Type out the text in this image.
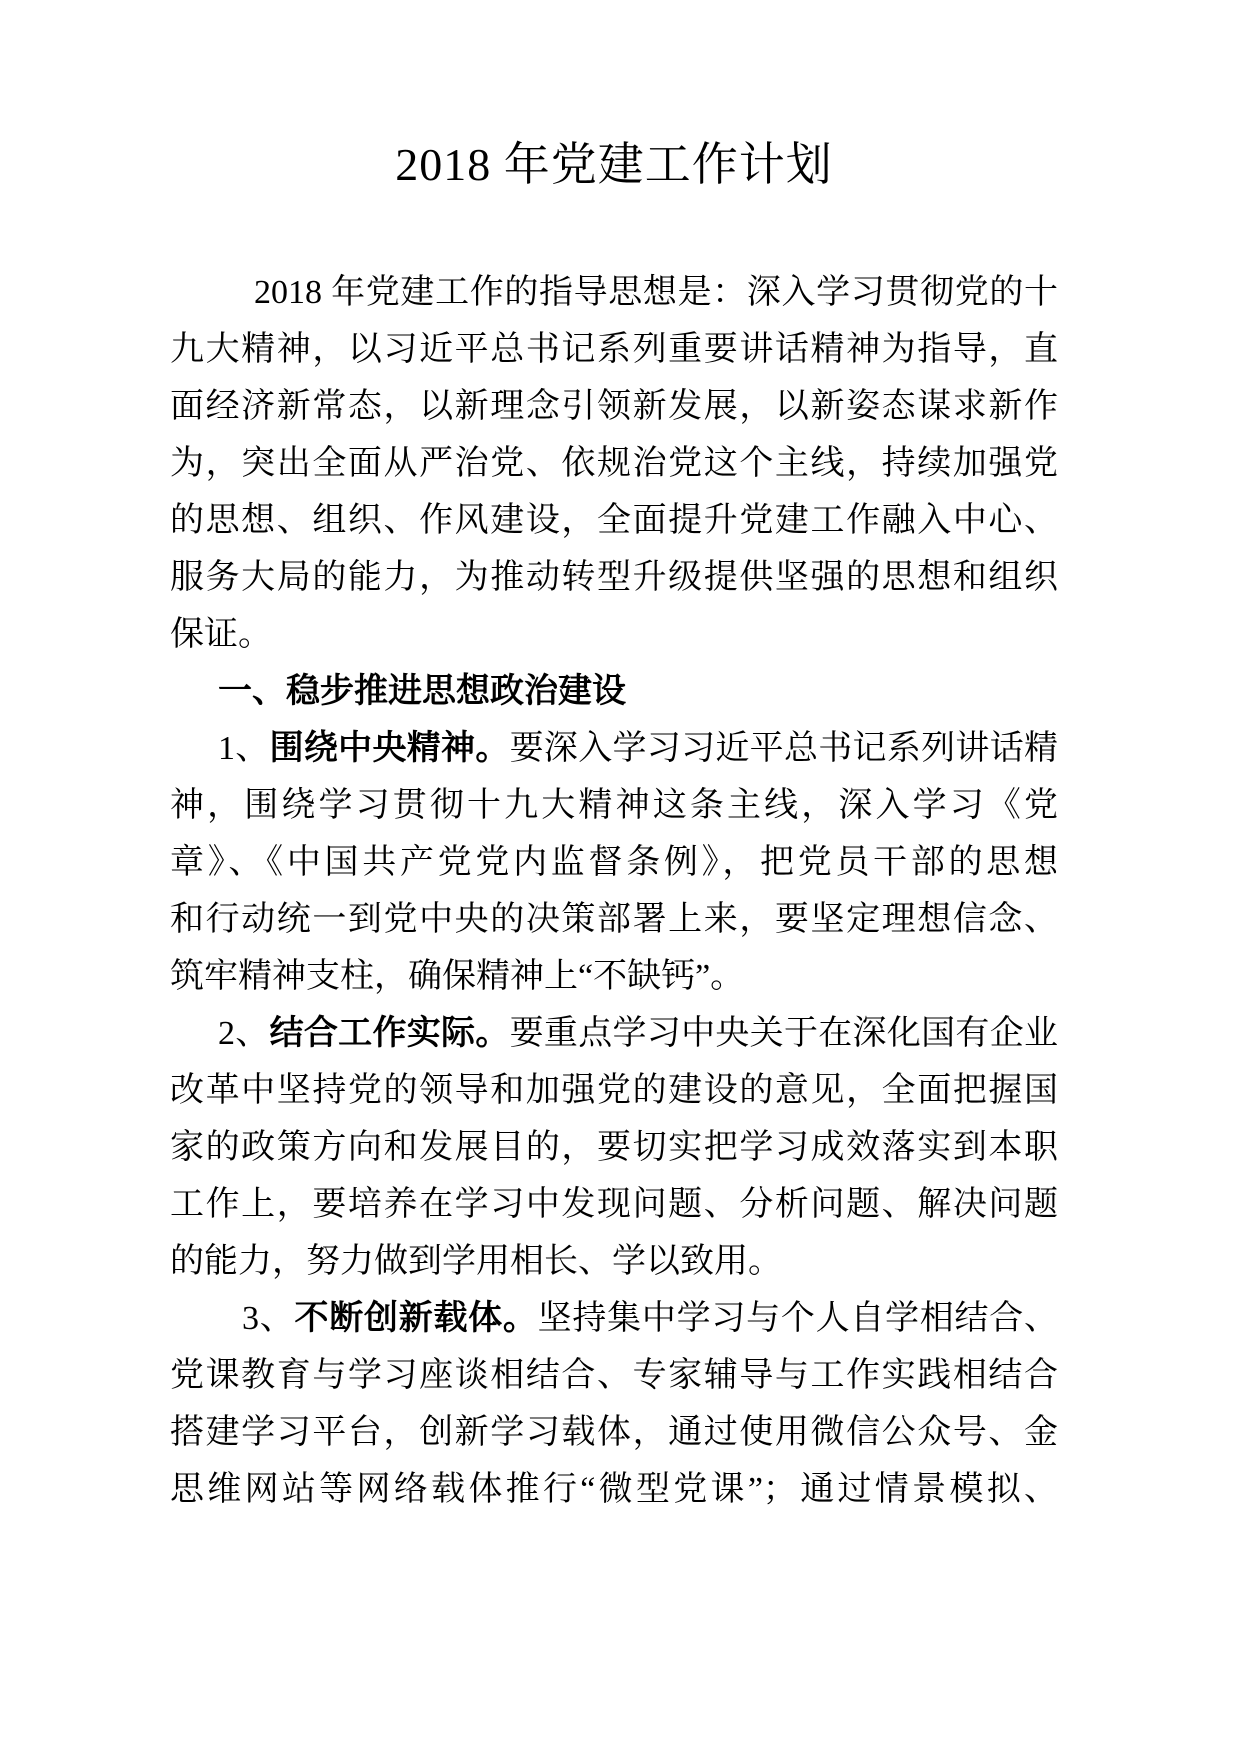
2018 年党建工作计划
2018 年党建工作的指导思想是：深入学习贯彻党的十
九大精神，以习近平总书记系列重要讲话精神为指导，直
面经济新常态，以新理念引领新发展，以新姿态谋求新作
为，突出全面从严治党、依规治党这个主线，持续加强党
的思想、组织、作风建设，全面提升党建工作融入中心、
服务大局的能力，为推动转型升级提供坚强的思想和组织
保证。
一、稳步推进思想政治建设
1、围绕中央精神。要深入学习习近平总书记系列讲话精
神，围绕学习贯彻十九大精神这条主线，深入学习《党
章》、《中国共产党党内监督条例》，把党员干部的思想
和行动统一到党中央的决策部署上来，要坚定理想信念、
筑牢精神支柱，确保精神上“不缺钙”。
2、结合工作实际。要重点学习中央关于在深化国有企业
改革中坚持党的领导和加强党的建设的意见，全面把握国
家的政策方向和发展目的，要切实把学习成效落实到本职
工作上，要培养在学习中发现问题、分析问题、解决问题
的能力，努力做到学用相长、学以致用。
3、不断创新载体。坚持集中学习与个人自学相结合、
党课教育与学习座谈相结合、专家辅导与工作实践相结合
搭建学习平台，创新学习载体，通过使用微信公众号、金
思维网站等网络载体推行“微型党课”；通过情景模拟、
